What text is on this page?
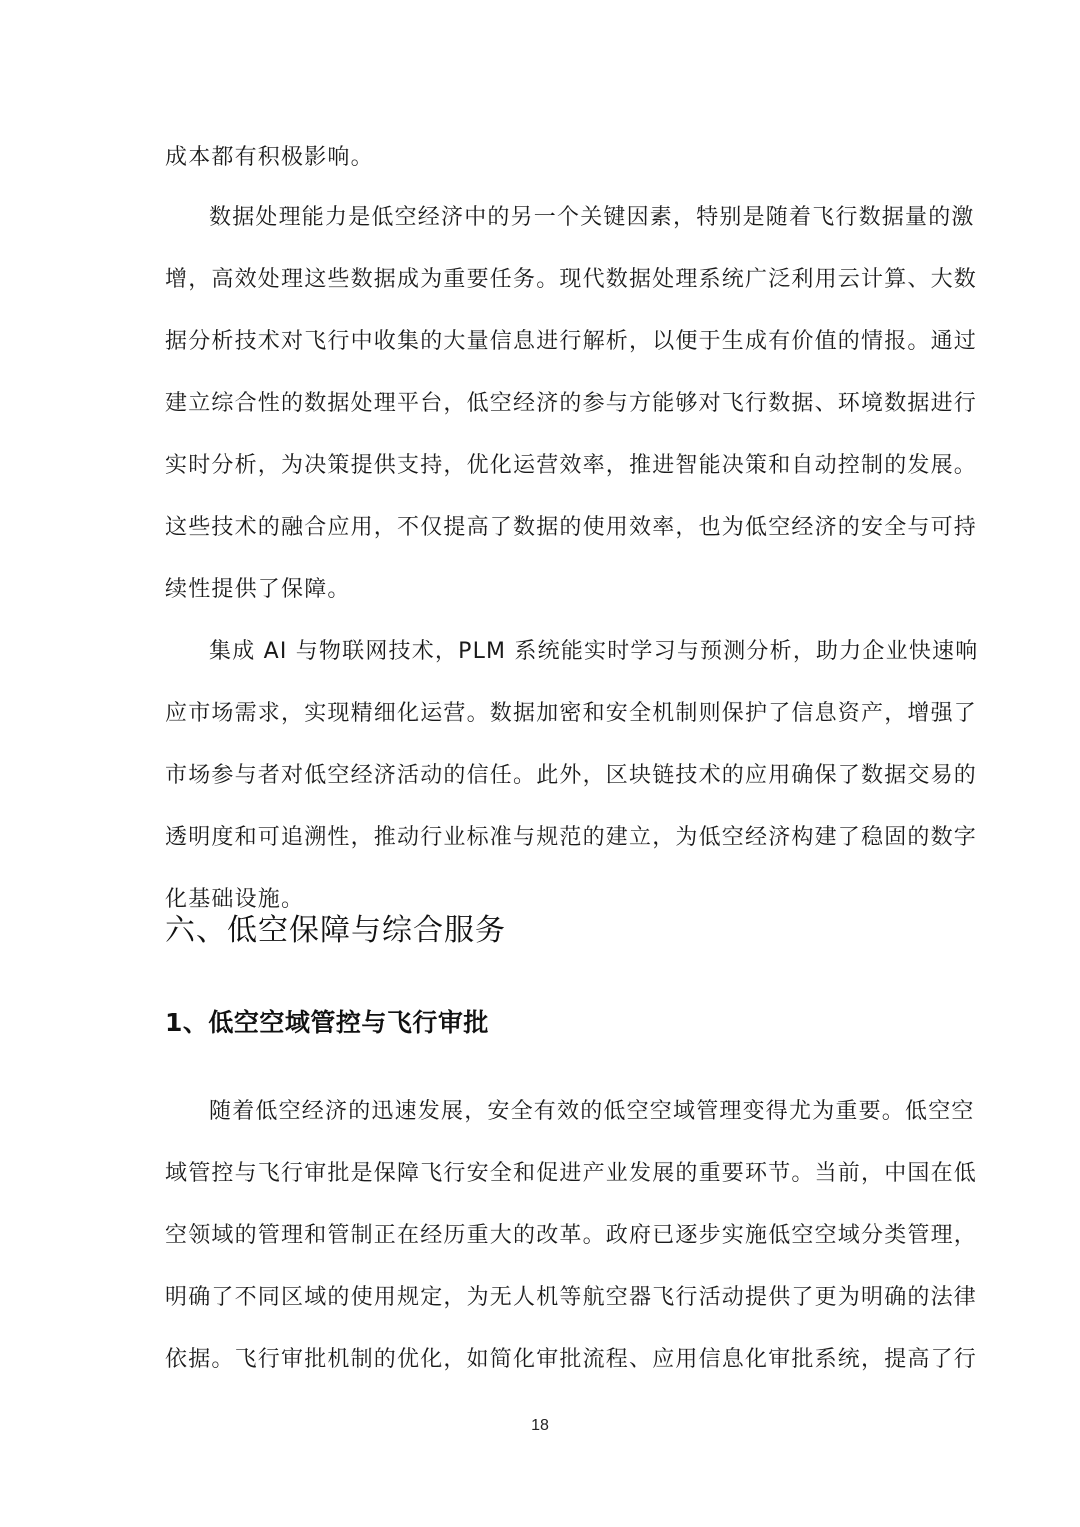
成本都有积极影响。
数据处理能力是低空经济中的另一个关键因素，特别是随着飞行数据量的激
增，高效处理这些数据成为重要任务。现代数据处理系统广泛利用云计算、大数
据分析技术对飞行中收集的大量信息进行解析，以便于生成有价值的情报。通过
建立综合性的数据处理平台，低空经济的参与方能够对飞行数据、环境数据进行
实时分析，为决策提供支持，优化运营效率，推进智能决策和自动控制的发展。
这些技术的融合应用，不仅提高了数据的使用效率，也为低空经济的安全与可持
续性提供了保障。
集成 AI 与物联网技术，PLM 系统能实时学习与预测分析，助力企业快速响
应市场需求，实现精细化运营。数据加密和安全机制则保护了信息资产，增强了
市场参与者对低空经济活动的信任。此外，区块链技术的应用确保了数据交易的
透明度和可追溯性，推动行业标准与规范的建立，为低空经济构建了稳固的数字
化基础设施。
六、低空保障与综合服务
1、低空空域管控与飞行审批
随着低空经济的迅速发展，安全有效的低空空域管理变得尤为重要。低空空
域管控与飞行审批是保障飞行安全和促进产业发展的重要环节。当前，中国在低
空领域的管理和管制正在经历重大的改革。政府已逐步实施低空空域分类管理，
明确了不同区域的使用规定，为无人机等航空器飞行活动提供了更为明确的法律
依据。飞行审批机制的优化，如简化审批流程、应用信息化审批系统，提高了行
18
